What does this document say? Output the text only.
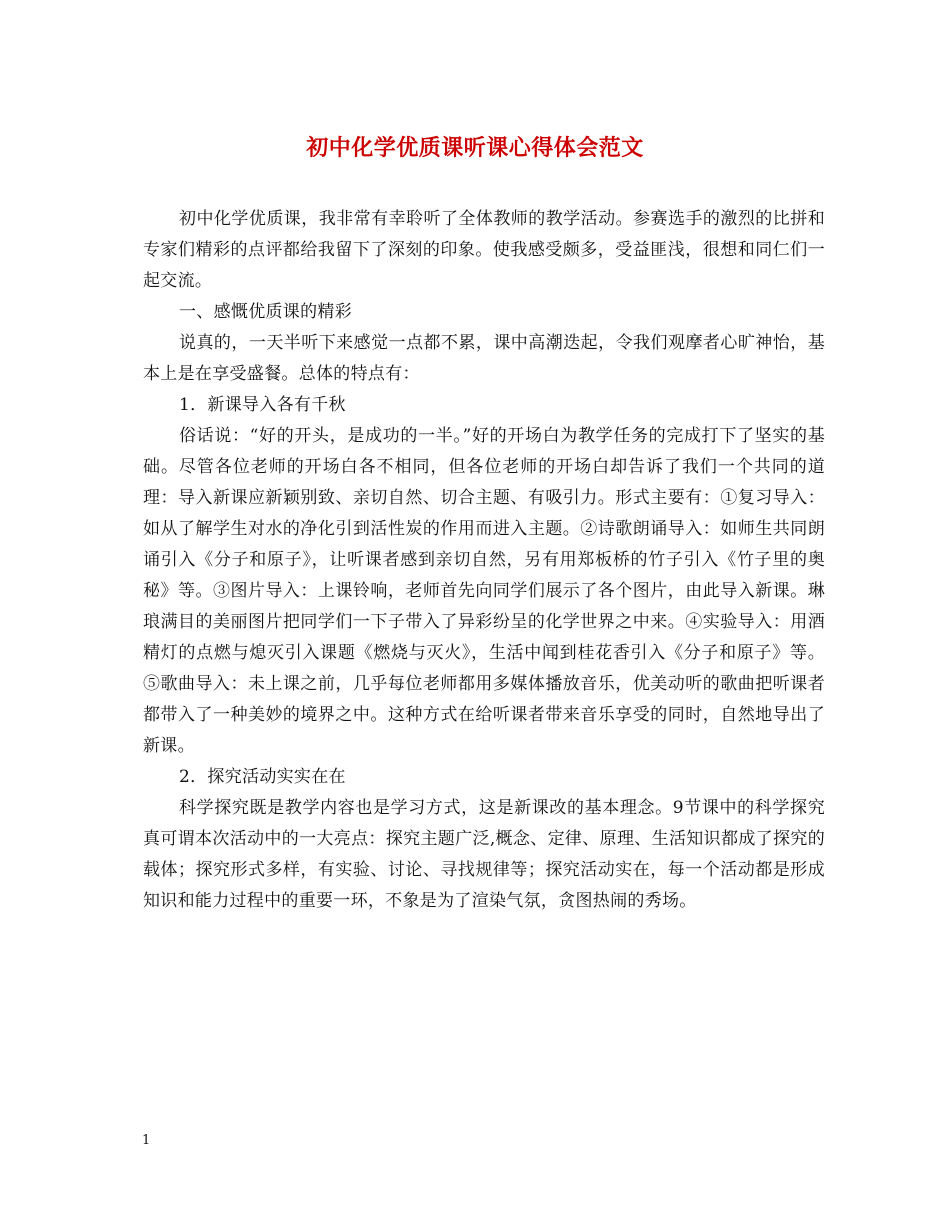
初中化学优质课听课心得体会范文

初中化学优质课，我非常有幸聆听了全体教师的教学活动。参赛选手的激烈的比拼和专家们精彩的点评都给我留下了深刻的印象。使我感受颇多，受益匪浅，很想和同仁们一起交流。

一、感慨优质课的精彩

说真的，一天半听下来感觉一点都不累，课中高潮迭起，令我们观摩者心旷神怡，基本上是在享受盛餐。总体的特点有：

1．新课导入各有千秋

俗话说：“好的开头，是成功的一半。”好的开场白为教学任务的完成打下了坚实的基础。尽管各位老师的开场白各不相同，但各位老师的开场白却告诉了我们一个共同的道理：导入新课应新颖别致、亲切自然、切合主题、有吸引力。形式主要有：①复习导入：如从了解学生对水的净化引到活性炭的作用而进入主题。②诗歌朗诵导入：如师生共同朗诵引入《分子和原子》，让听课者感到亲切自然，另有用郑板桥的竹子引入《竹子里的奥秘》等。③图片导入：上课铃响，老师首先向同学们展示了各个图片，由此导入新课。琳琅满目的美丽图片把同学们一下子带入了异彩纷呈的化学世界之中来。④实验导入：用酒精灯的点燃与熄灭引入课题《燃烧与灭火》，生活中闻到桂花香引入《分子和原子》等。⑤歌曲导入：未上课之前，几乎每位老师都用多媒体播放音乐，优美动听的歌曲把听课者都带入了一种美妙的境界之中。这种方式在给听课者带来音乐享受的同时，自然地导出了新课。

2．探究活动实实在在

科学探究既是教学内容也是学习方式，这是新课改的基本理念。9节课中的科学探究真可谓本次活动中的一大亮点：探究主题广泛,概念、定律、原理、生活知识都成了探究的载体；探究形式多样，有实验、讨论、寻找规律等；探究活动实在，每一个活动都是形成知识和能力过程中的重要一环，不象是为了渲染气氛，贪图热闹的秀场。

1
